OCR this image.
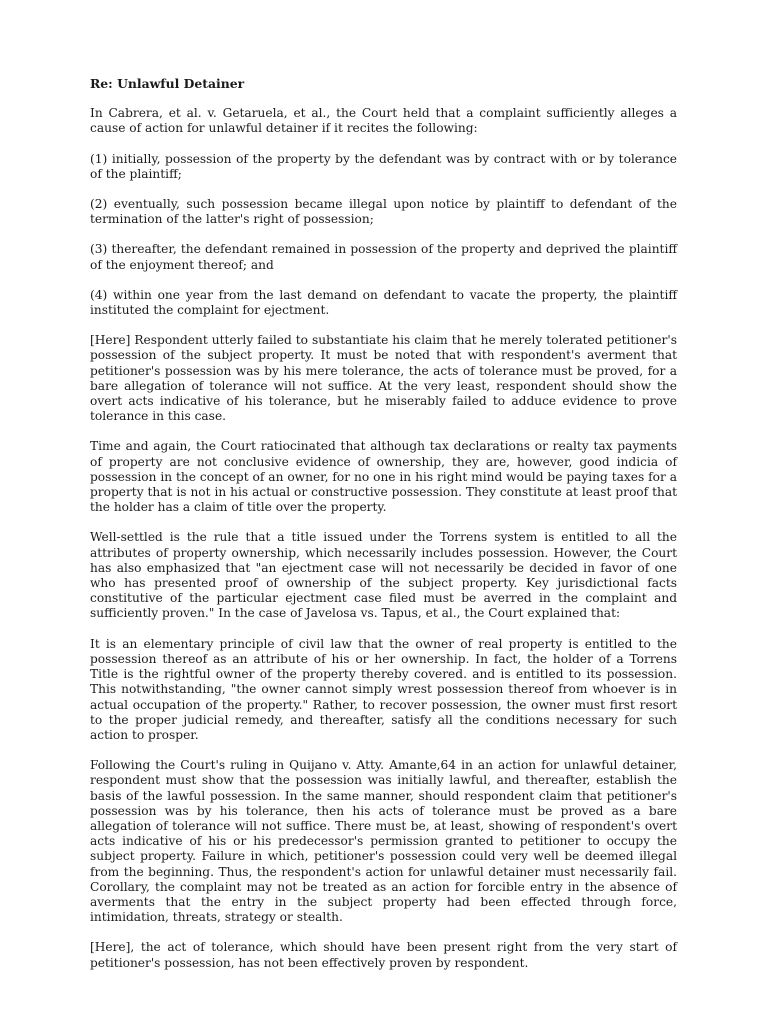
Re: Unlawful Detainer

In Cabrera, et al. v. Getaruela, et al., the Court held that a complaint sufficiently alleges a cause of action for unlawful detainer if it recites the following:

(1) initially, possession of the property by the defendant was by contract with or by tolerance of the plaintiff;

(2) eventually, such possession became illegal upon notice by plaintiff to defendant of the termination of the latter's right of possession;

(3) thereafter, the defendant remained in possession of the property and deprived the plaintiff of the enjoyment thereof; and

(4) within one year from the last demand on defendant to vacate the property, the plaintiff instituted the complaint for ejectment.

[Here] Respondent utterly failed to substantiate his claim that he merely tolerated petitioner's possession of the subject property. It must be noted that with respondent's averment that petitioner's possession was by his mere tolerance, the acts of tolerance must be proved, for a bare allegation of tolerance will not suffice. At the very least, respondent should show the overt acts indicative of his tolerance, but he miserably failed to adduce evidence to prove tolerance in this case.

Time and again, the Court ratiocinated that although tax declarations or realty tax payments of property are not conclusive evidence of ownership, they are, however, good indicia of possession in the concept of an owner, for no one in his right mind would be paying taxes for a property that is not in his actual or constructive possession. They constitute at least proof that the holder has a claim of title over the property.

Well-settled is the rule that a title issued under the Torrens system is entitled to all the attributes of property ownership, which necessarily includes possession. However, the Court has also emphasized that "an ejectment case will not necessarily be decided in favor of one who has presented proof of ownership of the subject property. Key jurisdictional facts constitutive of the particular ejectment case filed must be averred in the complaint and sufficiently proven." In the case of Javelosa vs. Tapus, et al., the Court explained that:

It is an elementary principle of civil law that the owner of real property is entitled to the possession thereof as an attribute of his or her ownership. In fact, the holder of a Torrens Title is the rightful owner of the property thereby covered. and is entitled to its possession. This notwithstanding, "the owner cannot simply wrest possession thereof from whoever is in actual occupation of the property." Rather, to recover possession, the owner must first resort to the proper judicial remedy, and thereafter, satisfy all the conditions necessary for such action to prosper.

Following the Court's ruling in Quijano v. Atty. Amante,64 in an action for unlawful detainer, respondent must show that the possession was initially lawful, and thereafter, establish the basis of the lawful possession. In the same manner, should respondent claim that petitioner's possession was by his tolerance, then his acts of tolerance must be proved as a bare allegation of tolerance will not suffice. There must be, at least, showing of respondent's overt acts indicative of his or his predecessor's permission granted to petitioner to occupy the subject property. Failure in which, petitioner's possession could very well be deemed illegal from the beginning. Thus, the respondent's action for unlawful detainer must necessarily fail. Corollary, the complaint may not be treated as an action for forcible entry in the absence of averments that the entry in the subject property had been effected through force, intimidation, threats, strategy or stealth.

[Here], the act of tolerance, which should have been present right from the very start of petitioner's possession, has not been effectively proven by respondent.
